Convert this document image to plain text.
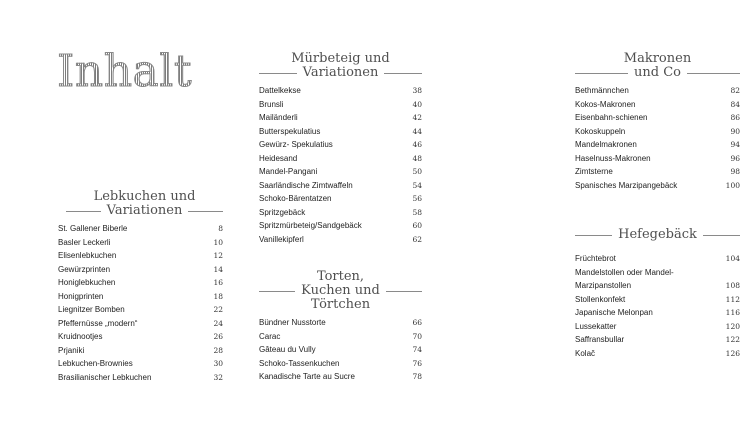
Inhalt
Lebkuchen und
Variationen
St. Gallener Biberle	8
Basler Leckerli	10
Elisenlebkuchen	12
Gewürzprinten	14
Honiglebkuchen	16
Honigprinten	18
Liegnitzer Bomben	22
Pfeffernüsse „modern“	24
Kruidnootjes	26
Prjaniki	28
Lebkuchen-Brownies	30
Brasilianischer Lebkuchen	32
Mürbeteig und
Variationen
Dattelkekse	38
Brunsli	40
Mailänderli	42
Butterspekulatius	44
Gewürz- Spekulatius	46
Heidesand	48
Mandel-Pangani	50
Saarländische Zimtwaffeln	54
Schoko-Bärentatzen	56
Spritzgebäck	58
Spritzmürbeteig/Sandgebäck	60
Vanillekipferl	62
Torten,
Kuchen und
Törtchen
Bündner Nusstorte	66
Carac	70
Gâteau du Vully	74
Schoko-Tassenkuchen	76
Kanadische Tarte au Sucre	78
Makronen
und Co
Bethmännchen	82
Kokos-Makronen	84
Eisenbahn-schienen	86
Kokoskuppeln	90
Mandelmakronen	94
Haselnuss-Makronen	96
Zimtsterne	98
Spanisches Marzipangebäck	100
Hefegebäck
Früchtebrot	104
Mandelstollen oder Mandel-
Marzipanstollen	108
Stollenkonfekt	112
Japanische Melonpan	116
Lussekatter	120
Saffransbullar	122
Kolač	126
